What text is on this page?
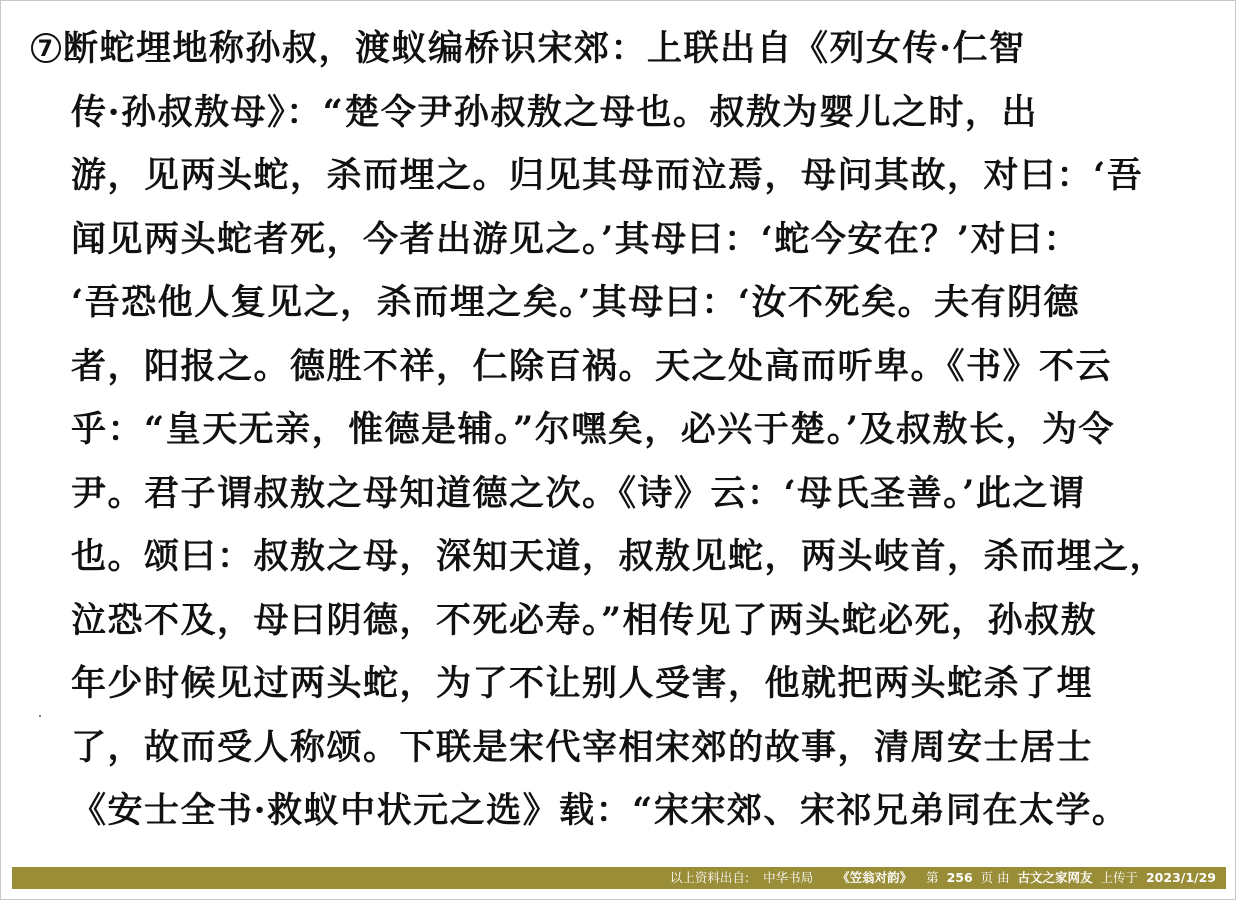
7 断蛇埋地称孙叔，渡蚁编桥识宋郊：上联出自《列女传·仁智
传·孙叔敖母》：“楚令尹孙叔敖之母也。叔敖为婴儿之时，出
游，见两头蛇，杀而埋之。归见其母而泣焉，母问其故，对曰：‘吾
闻见两头蛇者死，今者出游见之。’其母曰：‘蛇今安在？’对曰：
‘吾恐他人复见之，杀而埋之矣。’其母曰：‘汝不死矣。夫有阴德
者，阳报之。德胜不祥，仁除百祸。天之处高而听卑。《书》不云
乎：“皇天无亲，惟德是辅。”尔嘿矣，必兴于楚。’及叔敖长，为令
尹。君子谓叔敖之母知道德之次。《诗》云：‘母氏圣善。’此之谓
也。颂曰：叔敖之母，深知天道，叔敖见蛇，两头岐首，杀而埋之，
泣恐不及，母曰阴德，不死必寿。”相传见了两头蛇必死，孙叔敖
年少时候见过两头蛇，为了不让别人受害，他就把两头蛇杀了埋
了，故而受人称颂。下联是宋代宰相宋郊的故事，清周安士居士
《安士全书·救蚁中状元之选》载：“宋宋郊、宋祁兄弟同在太学。
以上资料出自: 中华书局 《笠翁对韵》 第 256 页 由 古文之家网友 上传于 2023/1/29
